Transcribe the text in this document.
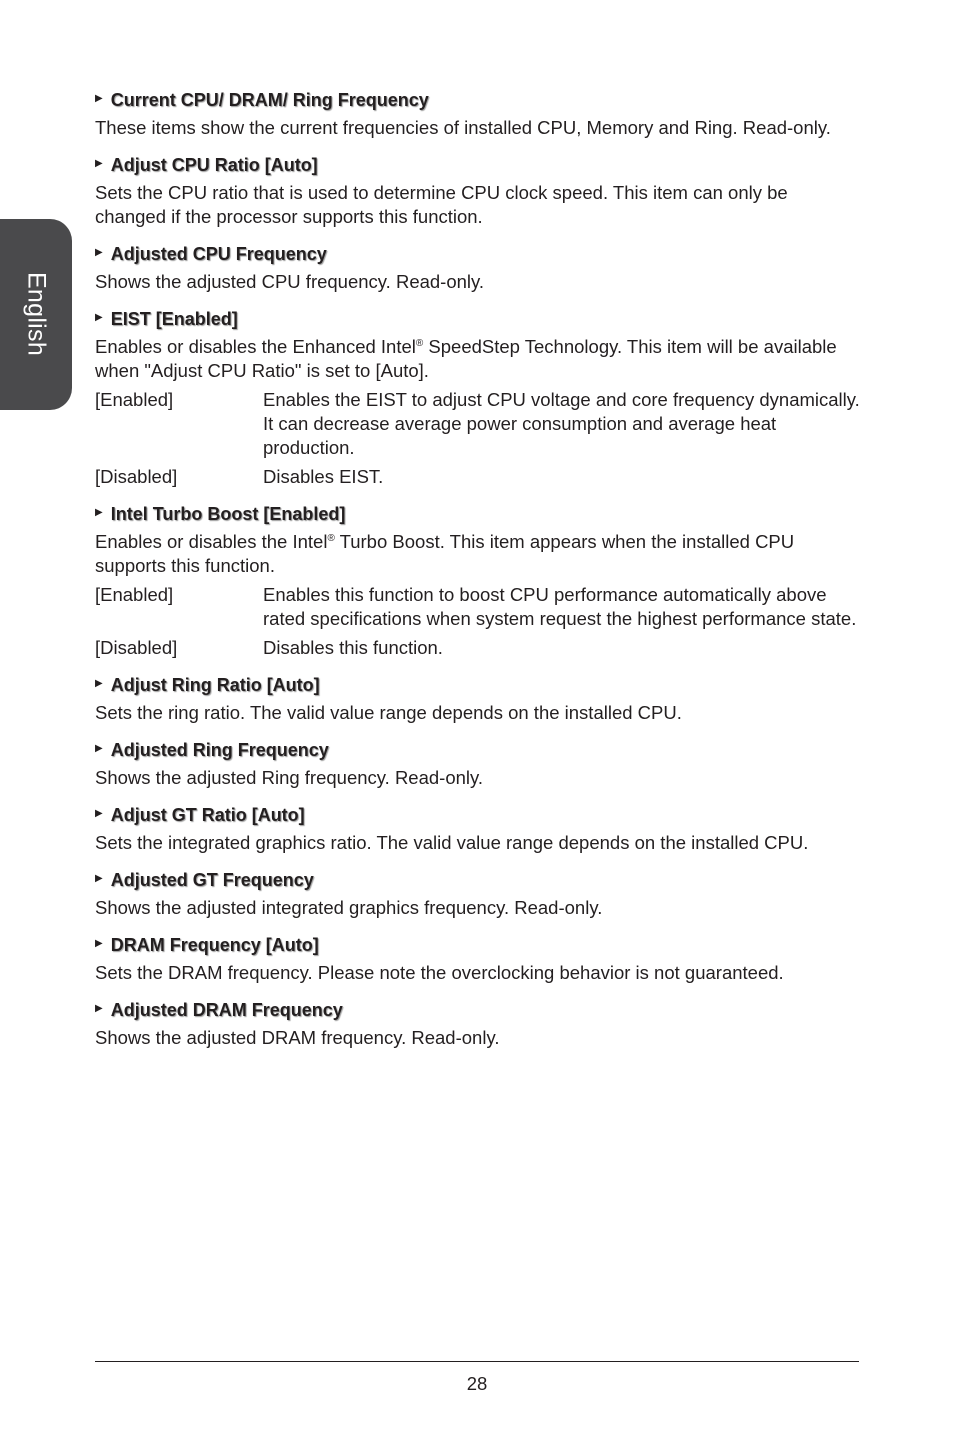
English
▶ Current CPU/ DRAM/ Ring Frequency

These items show the current frequencies of installed CPU, Memory and Ring. Read-only.

▶ Adjust CPU Ratio [Auto]

Sets the CPU ratio that is used to determine CPU clock speed. This item can only be changed if the processor supports this function.

▶ Adjusted CPU Frequency

Shows the adjusted CPU frequency. Read-only.

▶ EIST [Enabled]

Enables or disables the Enhanced Intel® SpeedStep Technology. This item will be available when "Adjust CPU Ratio" is set to [Auto].

[Enabled]	Enables the EIST to adjust CPU voltage and core frequency dynamically. It can decrease average power consumption and average heat production.
[Disabled]	Disables EIST.
▶ Intel Turbo Boost [Enabled]

Enables or disables the Intel® Turbo Boost. This item appears when the installed CPU supports this function.

[Enabled]	Enables this function to boost CPU performance automatically above rated specifications when system request the highest performance state.
[Disabled]	Disables this function.
▶ Adjust Ring Ratio [Auto]

Sets the ring ratio. The valid value range depends on the installed CPU.

▶ Adjusted Ring Frequency

Shows the adjusted Ring frequency. Read-only.

▶ Adjust GT Ratio [Auto]

Sets the integrated graphics ratio. The valid value range depends on the installed CPU.

▶ Adjusted GT Frequency

Shows the adjusted integrated graphics frequency. Read-only.

▶ DRAM Frequency [Auto]

Sets the DRAM frequency. Please note the overclocking behavior is not guaranteed.

▶ Adjusted DRAM Frequency

Shows the adjusted DRAM frequency. Read-only.

28
